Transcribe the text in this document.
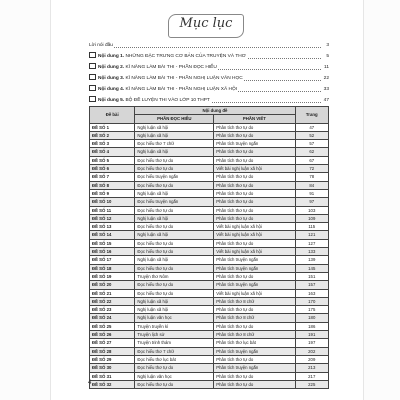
Mục lục
Lời nói đầu	3
Nội dung 1. NHỮNG ĐẶC TRƯNG CƠ BẢN CỦA TRUYỆN VÀ THƠ	5
Nội dung 2. KĨ NĂNG LÀM BÀI THI - PHẦN ĐỌC HIỂU	11
Nội dung 3. KĨ NĂNG LÀM BÀI THI - PHẦN NGHỊ LUẬN VĂN HỌC	22
Nội dung 4. KĨ NĂNG LÀM BÀI THI - PHẦN NGHỊ LUẬN XÃ HỘI	33
Nội dung 5. BỘ ĐỀ LUYỆN THI VÀO LỚP 10 THPT	47
Đề bài	Nội dung đề		Trang
	PHẦN ĐỌC HIỂU	PHẦN VIẾT	
ĐỀ SỐ 1	Nghị luận xã hội	Phân tích thơ tự do	47
ĐỀ SỐ 2	Nghị luận xã hội	Phân tích thơ tự do	52
ĐỀ SỐ 3	Đọc hiểu thơ 7 chữ	Phân tích truyện ngắn	57
ĐỀ SỐ 4	Nghị luận xã hội	Phân tích thơ tự do	62
ĐỀ SỐ 5	Đọc hiểu thơ tự do	Phân tích thơ tự do	67
ĐỀ SỐ 6	Đọc hiểu thơ tự do	Viết bài nghị luận xã hội	72
ĐỀ SỐ 7	Đọc hiểu truyện ngắn	Phân tích thơ tự do	78
ĐỀ SỐ 8	Đọc hiểu thơ tự do	Phân tích thơ tự do	84
ĐỀ SỐ 9	Nghị luận xã hội	Phân tích thơ tự do	91
ĐỀ SỐ 10	Đọc hiểu truyện ngắn	Phân tích thơ tự do	97
ĐỀ SỐ 11	Đọc hiểu thơ tự do	Phân tích thơ tự do	103
ĐỀ SỐ 12	Nghị luận xã hội	Phân tích thơ tự do	109
ĐỀ SỐ 13	Đọc hiểu thơ tự do	Viết bài nghị luận xã hội	115
ĐỀ SỐ 14	Nghị luận xã hội	Viết bài nghị luận xã hội	121
ĐỀ SỐ 15	Đọc hiểu thơ tự do	Phân tích thơ tự do	127
ĐỀ SỐ 16	Đọc hiểu thơ tự do	Viết bài nghị luận xã hội	133
ĐỀ SỐ 17	Nghị luận xã hội	Phân tích truyện ngắn	139
ĐỀ SỐ 18	Đọc hiểu thơ tự do	Phân tích truyện ngắn	145
ĐỀ SỐ 19	Truyện thơ Nôm	Phân tích thơ tự do	151
ĐỀ SỐ 20	Đọc hiểu thơ tự do	Phân tích truyện ngắn	157
ĐỀ SỐ 21	Đọc hiểu thơ tự do	Viết bài nghị luận xã hội	163
ĐỀ SỐ 22	Nghị luận xã hội	Phân tích thơ 8 chữ	170
ĐỀ SỐ 23	Nghị luận xã hội	Phân tích thơ tự do	175
ĐỀ SỐ 24	Nghị luận văn học	Phân tích thơ 8 chữ	180
ĐỀ SỐ 25	Truyện truyền kì	Phân tích thơ tự do	186
ĐỀ SỐ 26	Truyện lịch sử	Phân tích thơ 8 chữ	191
ĐỀ SỐ 27	Truyện trinh thám	Phân tích thơ lục bát	197
ĐỀ SỐ 28	Đọc hiểu thơ 7 chữ	Phân tích truyện ngắn	202
ĐỀ SỐ 29	Đọc hiểu thơ lục bát	Phân tích thơ tự do	209
ĐỀ SỐ 30	Đọc hiểu thơ tự do	Phân tích truyện ngắn	213
ĐỀ SỐ 31	Nghị luận văn học	Phân tích thơ tự do	217
ĐỀ SỐ 32	Đọc hiểu thơ tự do	Phân tích thơ tự do	225
4
